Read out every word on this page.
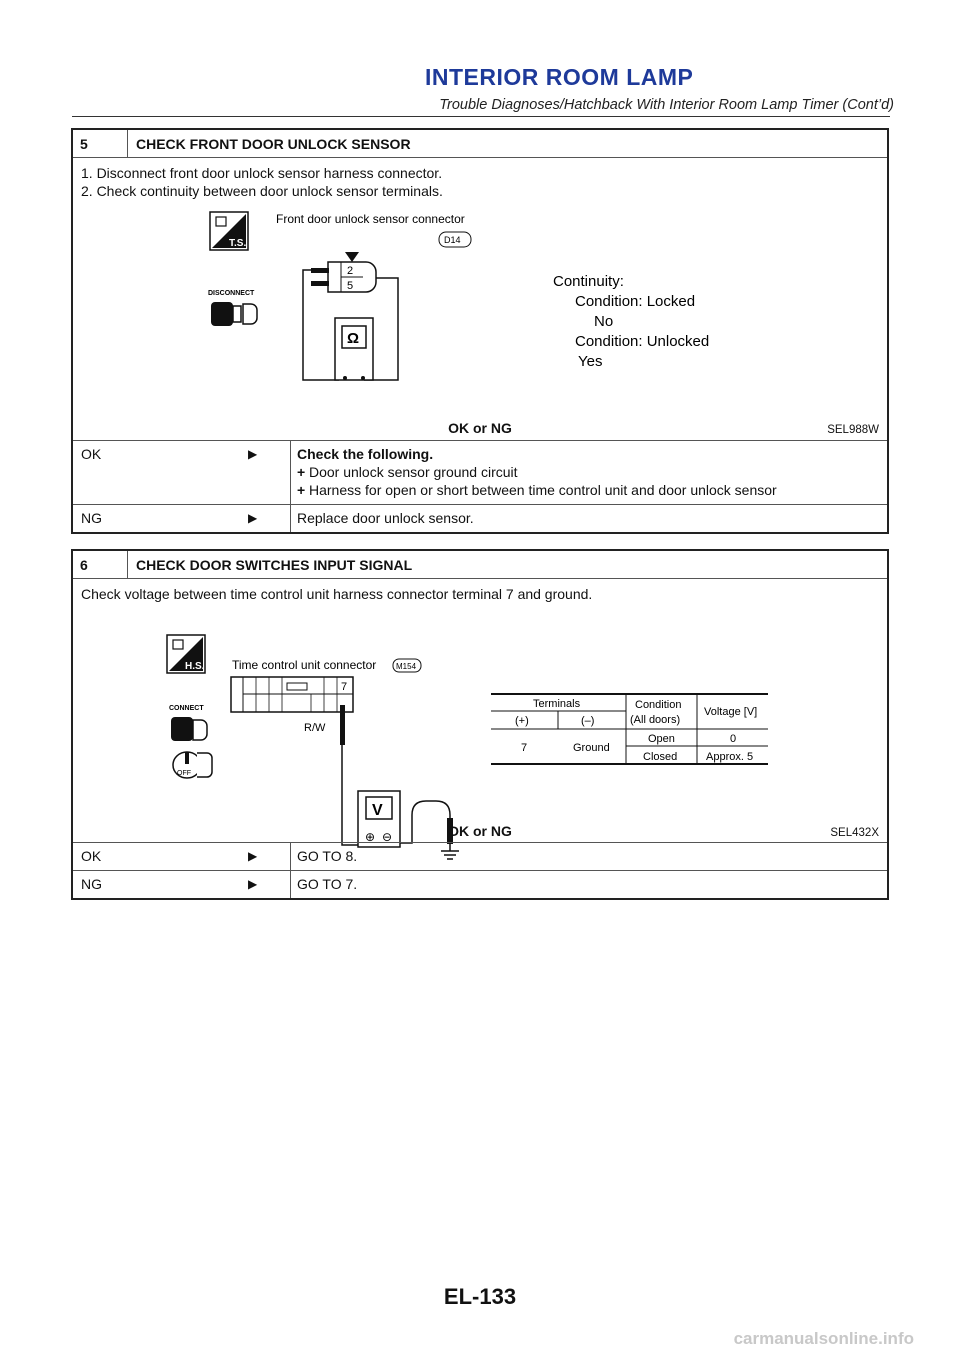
INTERIOR ROOM LAMP
Trouble Diagnoses/Hatchback With Interior Room Lamp Timer (Cont’d)
5	CHECK FRONT DOOR UNLOCK SENSOR
1. Disconnect front door unlock sensor harness connector.
2. Check continuity between door unlock sensor terminals.
T.S.
DISCONNECT
Front door unlock sensor connector
D14
2
5
Ω
Continuity:
Condition: Locked
No
Condition: Unlocked
Yes
SEL988W
OK or NG
OK	▶	Check the following.
+ Door unlock sensor ground circuit
+ Harness for open or short between time control unit and door unlock sensor
NG	▶	Replace door unlock sensor.
6	CHECK DOOR SWITCHES INPUT SIGNAL
Check voltage between time control unit harness connector terminal 7 and ground.
H.S.
CONNECT
OFF
Time control unit connector M154
7
R/W
V
⊕ ⊖
Terminals
(+)	(–)
Condition
(All doors)
Voltage [V]
7	Ground
Open	0
Closed	Approx. 5
SEL432X
OK or NG
OK	▶	GO TO 8.
NG	▶	GO TO 7.
EL-133
carmanualsonline.info
